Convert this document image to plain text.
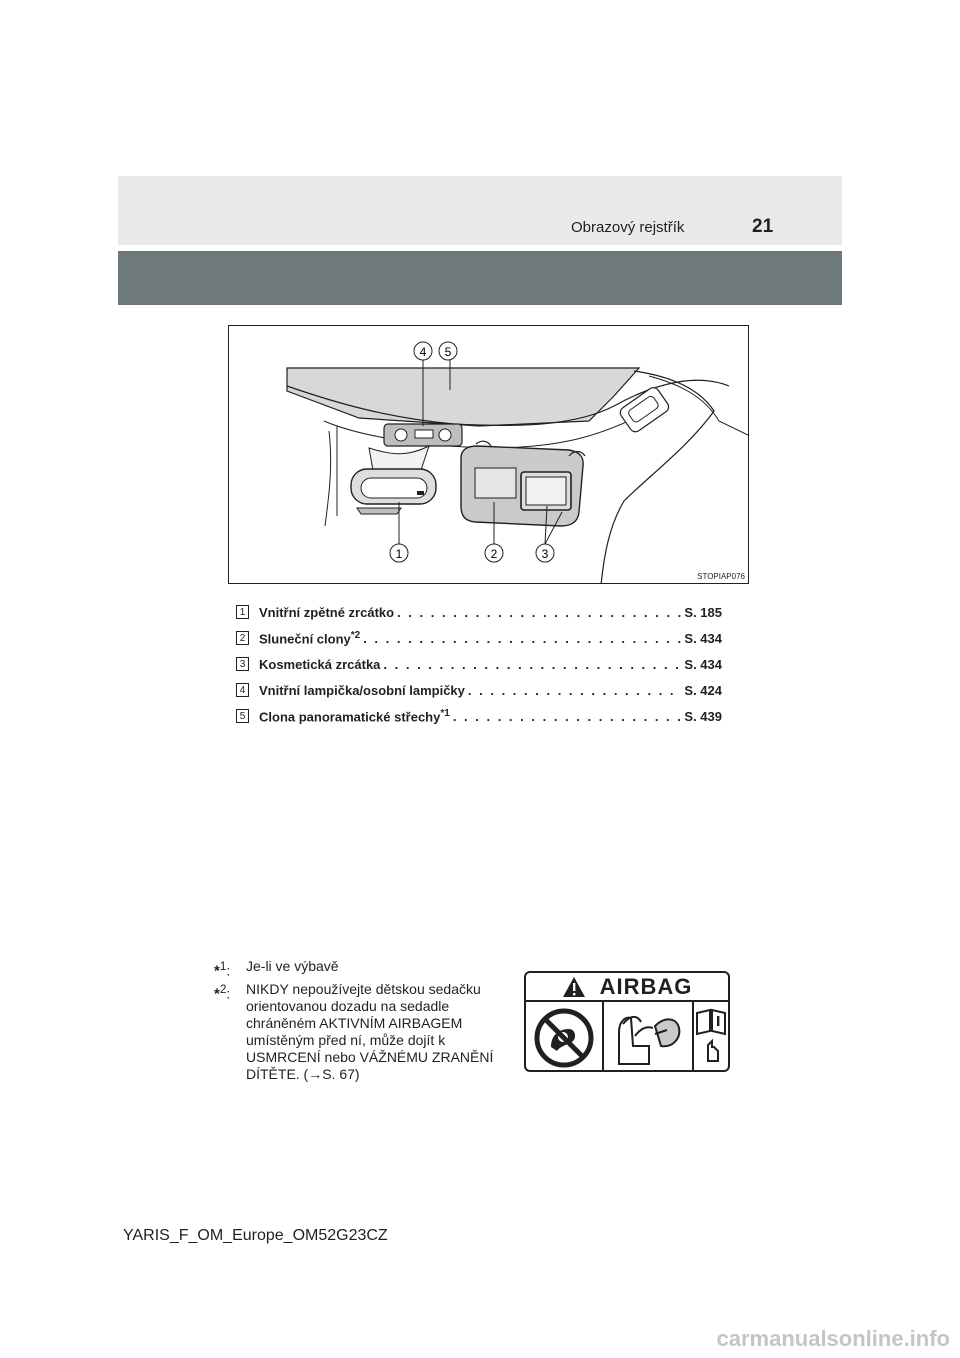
Obrazový rejstřík	21
4 5
1	2	3
STOPIAP076
1 Vnitřní zpětné zrcátko . . .	S. 185
2 Sluneční clony$^{*2}$ . . .	S. 434
3 Kosmetická zrcátka . . .	S. 434
4 Vnitřní lampička/osobní lampičky . . .	S. 424
5 Clona panoramatické střechy$^{*1}$ . . .	S. 439
*$^1$: Je-li ve výbavě
*$^2$: NIKDY nepoužívejte dětskou sedačku orientovanou dozadu na sedadle chráněném AKTIVNÍM AIRBAGEM umístěným před ní, může dojít k USMRCENÍ nebo VÁŽNÉMU ZRANĚNÍ DÍTĚTE. (→S. 67)
AIRBAG
YARIS_F_OM_Europe_OM52G23CZ
carmanualsonline.info
